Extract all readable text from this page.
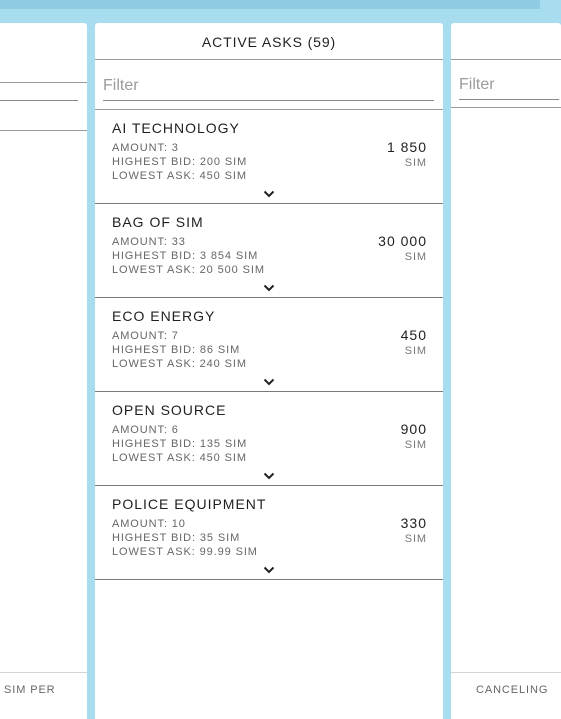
SIM PER
ACTIVE ASKS (59)
Filter
AI TECHNOLOGY
AMOUNT: 3
HIGHEST BID: 200 SIM
LOWEST ASK: 450 SIM
1 850
SIM
BAG OF SIM
AMOUNT: 33
HIGHEST BID: 3 854 SIM
LOWEST ASK: 20 500 SIM
30 000
SIM
ECO ENERGY
AMOUNT: 7
HIGHEST BID: 86 SIM
LOWEST ASK: 240 SIM
450
SIM
OPEN SOURCE
AMOUNT: 6
HIGHEST BID: 135 SIM
LOWEST ASK: 450 SIM
900
SIM
POLICE EQUIPMENT
AMOUNT: 10
HIGHEST BID: 35 SIM
LOWEST ASK: 99.99 SIM
330
SIM
Filter
CANCELING
